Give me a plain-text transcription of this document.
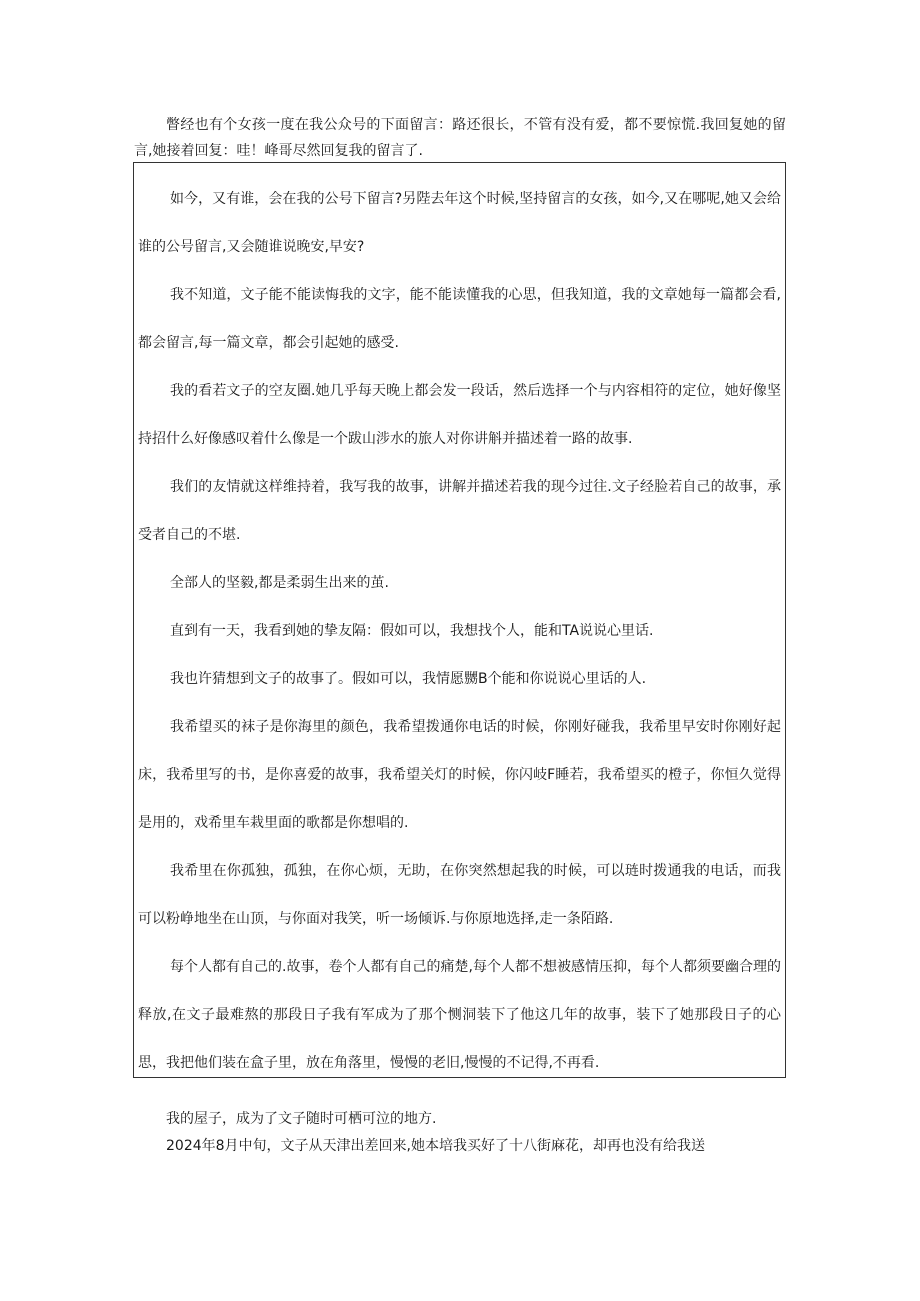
瞥经也有个女孩一度在我公众号的下面留言：路还很长，不管有没有爱，都不要惊慌.我回复她的留言,她接着回复：哇！峰哥尽然回复我的留言了.

如今，又有谁，会在我的公号下留言?另陛去年这个时候,坚持留言的女孩，如今,又在哪呢,她又会给谁的公号留言,又会随谁说晚安,早安?

我不知道，文子能不能读悔我的文字，能不能读懂我的心思，但我知道，我的文章她每一篇都会看,都会留言,每一篇文章，都会引起她的感受.

我的看若文子的空友圈.她几乎每天晚上都会发一段话，然后选择一个与内容相符的定位，她好像坚持招什么好像感叹着什么像是一个跋山涉水的旅人对你讲斛并描述着一路的故事.

我们的友情就这样维持着，我写我的故事，讲解并描述若我的现今过往.文子经脸若自己的故事，承受者自己的不堪.

全部人的坚毅,都是柔弱生出来的茧.

直到有一天，我看到她的挚友隔：假如可以，我想找个人，能和TA说说心里话.

我也许猜想到文子的故事了。假如可以，我情愿嬲B个能和你说说心里话的人.

我希望买的袜子是你海里的颜色，我希望拨通你电话的时候，你刚好碰我，我希里早安时你刚好起床，我希里写的书，是你喜爱的故事，我希望关灯的时候，你闪岐F睡若，我希望买的橙子，你恒久觉得是用的，戏希里车栽里面的歌都是你想唱的.

我希里在你孤独，孤独，在你心烦，无助，在你突然想起我的时候，可以琏时拨通我的电话，而我可以粉峥地坐在山顶，与你面对我笑，听一场倾诉.与你原地选择,走一条陌路.

每个人都有自己的.故事，卷个人都有自己的痛楚,每个人都不想被感情压抑，每个人都须要幽合理的释放,在文子最难熬的那段日子我有军成为了那个恻洞装下了他这几年的故事，装下了她那段日子的心思，我把他们装在盒子里，放在角落里，慢慢的老旧,慢慢的不记得,不再看.

我的屋子，成为了文子随时可栖可泣的地方.

2024年8月中旬，文子从天津出差回来,她本培我买好了十八街麻花，却再也没有给我送
